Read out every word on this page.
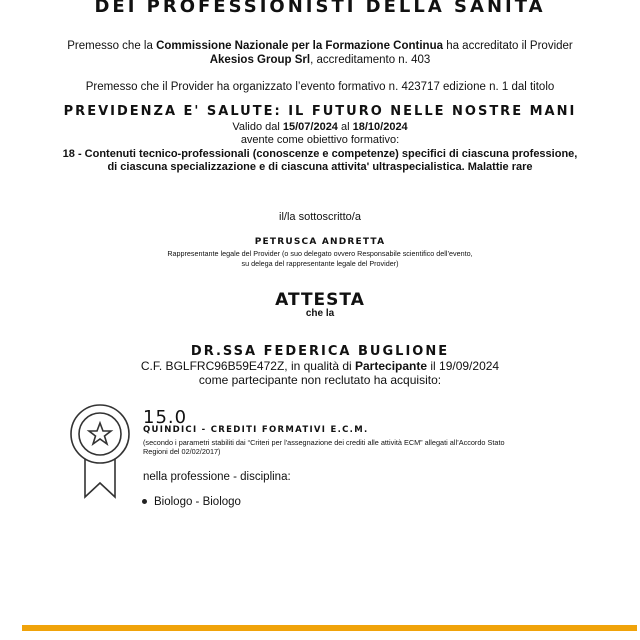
DEI PROFESSIONISTI DELLA SANITA
Premesso che la Commissione Nazionale per la Formazione Continua ha accreditato il Provider
Akesios Group Srl, accreditamento n. 403
Premesso che il Provider ha organizzato l’evento formativo n. 423717 edizione n. 1 dal titolo
PREVIDENZA E' SALUTE: IL FUTURO NELLE NOSTRE MANI
Valido dal 15/07/2024 al 18/10/2024
avente come obiettivo formativo:
18 - Contenuti tecnico-professionali (conoscenze e competenze) specifici di ciascuna professione,
di ciascuna specializzazione e di ciascuna attivita' ultraspecialistica. Malattie rare
il/la sottoscritto/a
PETRUSCA ANDRETTA
Rappresentante legale del Provider (o suo delegato ovvero Responsabile scientifico dell’evento,
su delega del rappresentante legale del Provider)
ATTESTA
che la
DR.SSA FEDERICA BUGLIONE
C.F. BGLFRC96B59E472Z, in qualità di Partecipante il 19/09/2024
come partecipante non reclutato ha acquisito:
15.0
QUINDICI - CREDITI FORMATIVI E.C.M.
(secondo i parametri stabiliti dai “Criteri per l'assegnazione dei crediti alle attività ECM” allegati all’Accordo Stato
Regioni del 02/02/2017)
nella professione - disciplina:
Biologo - Biologo
